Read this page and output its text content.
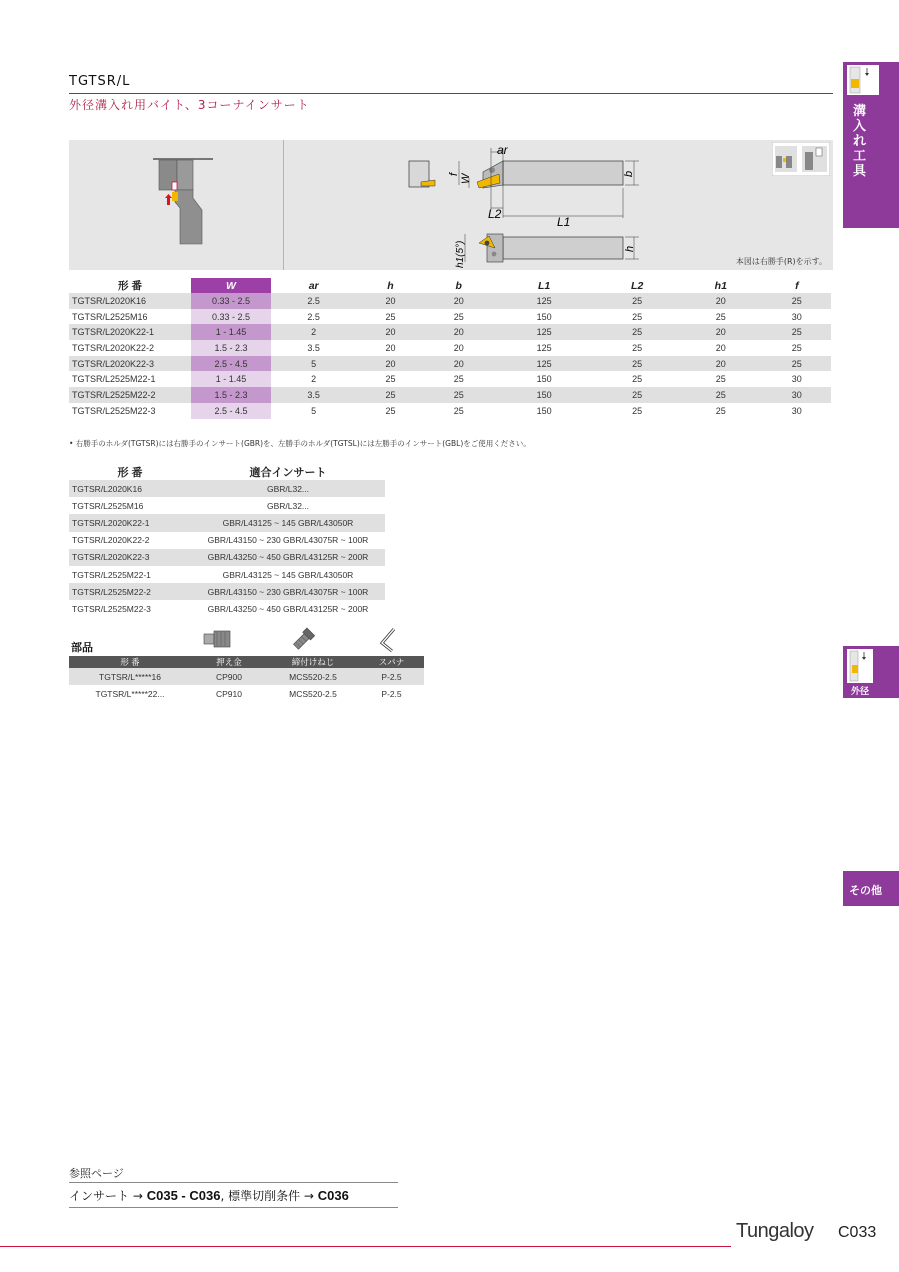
TGTSR/L
外径溝入れ用バイト、3コーナインサート
ar
f W	b
L2
L1
h1(5°)	h
本図は右勝手(R)を示す。
形 番	W	ar	h	b	L1	L2	h1	f
TGTSR/L2020K16	0.33 - 2.5	2.5	20	20	125	25	20	25
TGTSR/L2525M16	0.33 - 2.5	2.5	25	25	150	25	25	30
TGTSR/L2020K22-1	1 - 1.45	2	20	20	125	25	20	25
TGTSR/L2020K22-2	1.5 - 2.3	3.5	20	20	125	25	20	25
TGTSR/L2020K22-3	2.5 - 4.5	5	20	20	125	25	20	25
TGTSR/L2525M22-1	1 - 1.45	2	25	25	150	25	25	30
TGTSR/L2525M22-2	1.5 - 2.3	3.5	25	25	150	25	25	30
TGTSR/L2525M22-3	2.5 - 4.5	5	25	25	150	25	25	30
• 右勝手のホルダ(TGTSR)には右勝手のインサート(GBR)を、左勝手のホルダ(TGTSL)には左勝手のインサート(GBL)をご使用ください。
形 番	適合インサート
TGTSR/L2020K16	GBR/L32...
TGTSR/L2525M16	GBR/L32...
TGTSR/L2020K22-1	GBR/L43125 ~ 145 GBR/L43050R
TGTSR/L2020K22-2	GBR/L43150 ~ 230 GBR/L43075R ~ 100R
TGTSR/L2020K22-3	GBR/L43250 ~ 450 GBR/L43125R ~ 200R
TGTSR/L2525M22-1	GBR/L43125 ~ 145 GBR/L43050R
TGTSR/L2525M22-2	GBR/L43150 ~ 230 GBR/L43075R ~ 100R
TGTSR/L2525M22-3	GBR/L43250 ~ 450 GBR/L43125R ~ 200R
部品
形 番	押え金	締付けねじ	スパナ
TGTSR/L*****16	CP900	MCS520-2.5	P-2.5
TGTSR/L*****22...	CP910	MCS520-2.5	P-2.5
溝入れ工具
外径
その他
参照ページ
インサート → C035 - C036, 標準切削条件 → C036
Tungaloy C033
